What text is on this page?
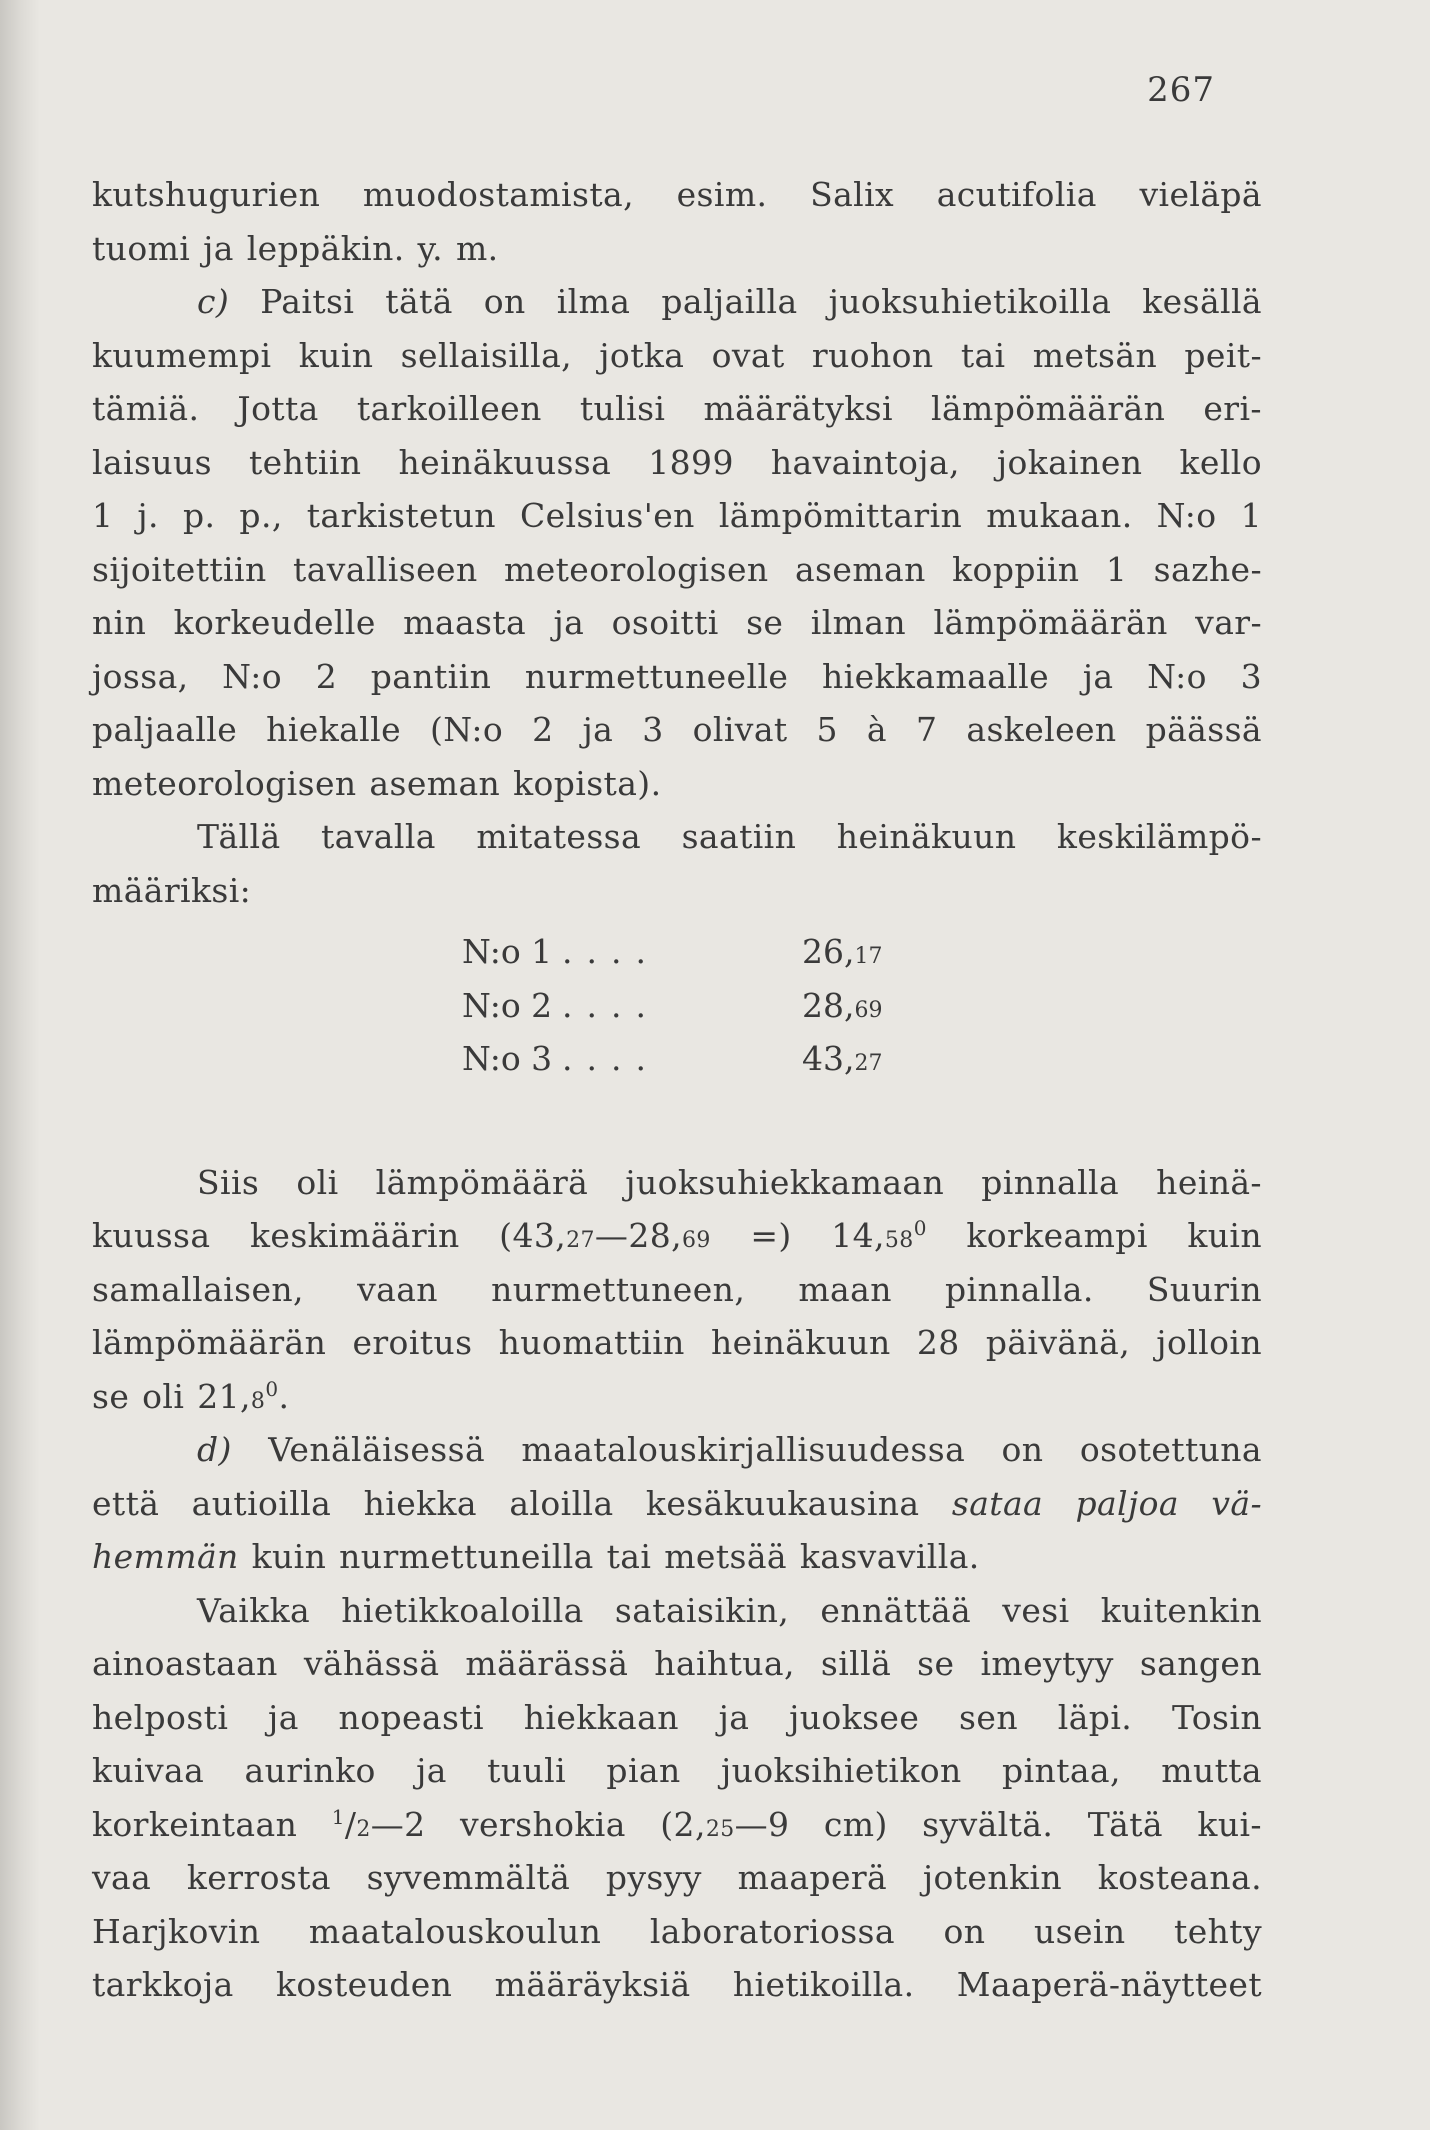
267
kutshugurien muodostamista, esim. Salix acutifolia vieläpä
tuomi ja leppäkin. y. m.
c) Paitsi tätä on ilma paljailla juoksuhietikoilla kesällä
kuumempi kuin sellaisilla, jotka ovat ruohon tai metsän peit-
tämiä. Jotta tarkoilleen tulisi määrätyksi lämpömäärän eri-
laisuus tehtiin heinäkuussa 1899 havaintoja, jokainen kello
1 j. p. p., tarkistetun Celsius'en lämpömittarin mukaan. N:o 1
sijoitettiin tavalliseen meteorologisen aseman koppiin 1 sazhe-
nin korkeudelle maasta ja osoitti se ilman lämpömäärän var-
jossa, N:o 2 pantiin nurmettuneelle hiekkamaalle ja N:o 3
paljaalle hiekalle (N:o 2 ja 3 olivat 5 à 7 askeleen päässä
meteorologisen aseman kopista).
Tällä tavalla mitatessa saatiin heinäkuun keskilämpö-
määriksi:
N:o 1 ....	26,17
N:o 2 ....	28,69
N:o 3 ....	43,27
Siis oli lämpömäärä juoksuhiekkamaan pinnalla heinä-
kuussa keskimäärin (43,27—28,69 =) 14,58$^0$ korkeampi kuin
samallaisen, vaan nurmettuneen, maan pinnalla. Suurin
lämpömäärän eroitus huomattiin heinäkuun 28 päivänä, jolloin
se oli 21,8$^0$.
d) Venäläisessä maatalouskirjallisuudessa on osotettuna
että autioilla hiekka aloilla kesäkuukausina sataa paljoa vä-
hemmän kuin nurmettuneilla tai metsää kasvavilla.
Vaikka hietikkoaloilla sataisikin, ennättää vesi kuitenkin
ainoastaan vähässä määrässä haihtua, sillä se imeytyy sangen
helposti ja nopeasti hiekkaan ja juoksee sen läpi. Tosin
kuivaa aurinko ja tuuli pian juoksihietikon pintaa, mutta
korkeintaan $^1$/2—2 vershokia (2,25—9 cm) syvältä. Tätä kui-
vaa kerrosta syvemmältä pysyy maaperä jotenkin kosteana.
Harjkovin maatalouskoulun laboratoriossa on usein tehty
tarkkoja kosteuden määräyksiä hietikoilla. Maaperä-näytteet
